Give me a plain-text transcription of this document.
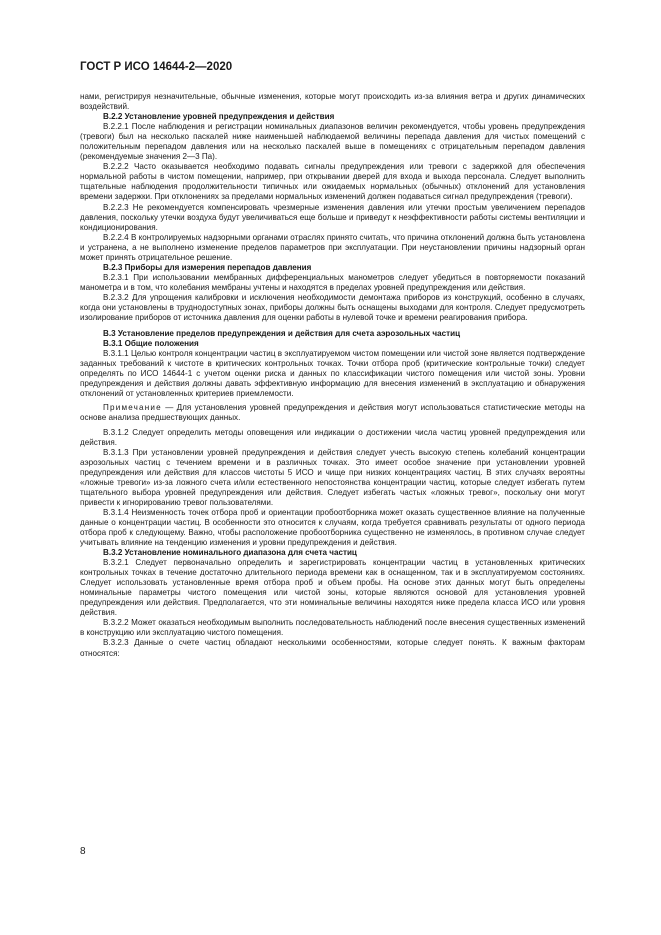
ГОСТ Р ИСО 14644-2—2020

нами, регистрируя незначительные, обычные изменения, которые могут происходить из-за влияния ветра и других динамических воздействий.

В.2.2 Установление уровней предупреждения и действия

В.2.2.1 После наблюдения и регистрации номинальных диапазонов величин рекомендуется, чтобы уровень предупреждения (тревоги) был на несколько паскалей ниже наименьшей наблюдаемой величины перепада давления для чистых помещений с положительным перепадом давления или на несколько паскалей выше в помещениях с отрицательным перепадом давления (рекомендуемые значения 2—3 Па).

В.2.2.2 Часто оказывается необходимо подавать сигналы предупреждения или тревоги с задержкой для обеспечения нормальной работы в чистом помещении, например, при открывании дверей для входа и выхода персонала. Следует выполнить тщательные наблюдения продолжительности типичных или ожидаемых нормальных (обычных) отклонений для установления времени задержки. При отклонениях за пределами нормальных изменений должен подаваться сигнал предупреждения (тревоги).

В.2.2.3 Не рекомендуется компенсировать чрезмерные изменения давления или утечки простым увеличением перепадов давления, поскольку утечки воздуха будут увеличиваться еще больше и приведут к неэффективности работы системы вентиляции и кондиционирования.

В.2.2.4 В контролируемых надзорными органами отраслях принято считать, что причина отклонений должна быть установлена и устранена, а не выполнено изменение пределов параметров при эксплуатации. При неустановлении причины надзорный орган может принять отрицательное решение.

В.2.3 Приборы для измерения перепадов давления

В.2.3.1 При использовании мембранных дифференциальных манометров следует убедиться в повторяемости показаний манометра и в том, что колебания мембраны учтены и находятся в пределах уровней предупреждения или действия.

В.2.3.2 Для упрощения калибровки и исключения необходимости демонтажа приборов из конструкций, особенно в случаях, когда они установлены в труднодоступных зонах, приборы должны быть оснащены выходами для контроля. Следует предусмотреть изолирование приборов от источника давления для оценки работы в нулевой точке и времени реагирования прибора.

В.3 Установление пределов предупреждения и действия для счета аэрозольных частиц

В.3.1 Общие положения

В.3.1.1 Целью контроля концентрации частиц в эксплуатируемом чистом помещении или чистой зоне является подтверждение заданных требований к чистоте в критических контрольных точках. Точки отбора проб (критические контрольные точки) следует определять по ИСО 14644-1 с учетом оценки риска и данных по классификации чистого помещения или чистой зоны. Уровни предупреждения и действия должны давать эффективную информацию для внесения изменений в эксплуатацию и обнаружения отклонений от установленных критериев приемлемости.

Примечание — Для установления уровней предупреждения и действия могут использоваться статистические методы на основе анализа предшествующих данных.

В.3.1.2 Следует определить методы оповещения или индикации о достижении числа частиц уровней предупреждения или действия.

В.3.1.3 При установлении уровней предупреждения и действия следует учесть высокую степень колебаний концентрации аэрозольных частиц с течением времени и в различных точках. Это имеет особое значение при установлении уровней предупреждения или действия для классов чистоты 5 ИСО и чище при низких концентрациях частиц. В этих случаях вероятны «ложные тревоги» из-за ложного счета и/или естественного непостоянства концентрации частиц, которые следует избегать путем тщательного выбора уровней предупреждения или действия. Следует избегать частых «ложных тревог», поскольку они могут привести к игнорированию тревог пользователями.

В.3.1.4 Неизменность точек отбора проб и ориентации пробоотборника может оказать существенное влияние на полученные данные о концентрации частиц. В особенности это относится к случаям, когда требуется сравнивать результаты от одного периода отбора проб к следующему. Важно, чтобы расположение пробоотборника существенно не изменялось, в противном случае следует учитывать влияние на тенденцию изменения и уровни предупреждения и действия.

В.3.2 Установление номинального диапазона для счета частиц

В.3.2.1 Следует первоначально определить и зарегистрировать концентрации частиц в установленных критических контрольных точках в течение достаточно длительного периода времени как в оснащенном, так и в эксплуатируемом состояниях. Следует использовать установленные время отбора проб и объем пробы. На основе этих данных могут быть определены номинальные параметры чистого помещения или чистой зоны, которые являются основой для установления уровней предупреждения или действия. Предполагается, что эти номинальные величины находятся ниже предела класса ИСО или уровня действия.

В.3.2.2 Может оказаться необходимым выполнить последовательность наблюдений после внесения существенных изменений в конструкцию или эксплуатацию чистого помещения.

В.3.2.3 Данные о счете частиц обладают несколькими особенностями, которые следует понять. К важным факторам относятся:

8
